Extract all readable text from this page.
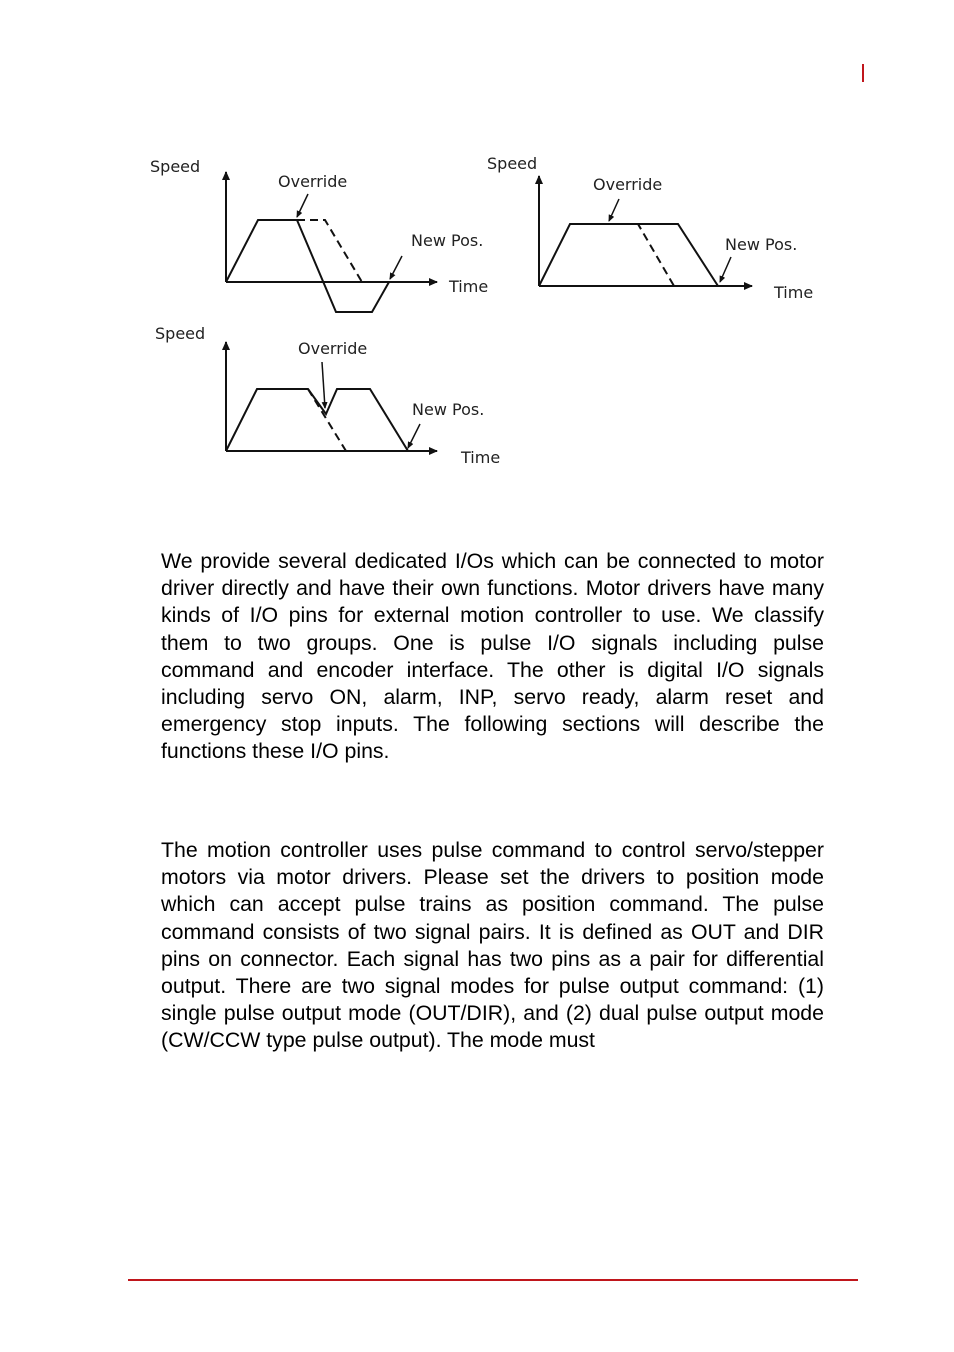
Speed
Time
Override
New Pos.
Speed
Time
Override
New Pos.
Speed
Time
Override
New Pos.

We provide several dedicated I/Os which can be connected to motor driver directly and have their own functions. Motor drivers have many kinds of I/O pins for external motion controller to use. We classify them to two groups. One is pulse I/O signals including pulse command and encoder interface. The other is digital I/O signals including servo ON, alarm, INP, servo ready, alarm reset and emergency stop inputs. The following sections will describe the functions these I/O pins.

The motion controller uses pulse command to control servo/stepper motors via motor drivers. Please set the drivers to position mode which can accept pulse trains as position command. The pulse command consists of two signal pairs. It is defined as OUT and DIR pins on connector. Each signal has two pins as a pair for differential output. There are two signal modes for pulse output command: (1) single pulse output mode (OUT/DIR), and (2) dual pulse output mode (CW/CCW type pulse output). The mode must
